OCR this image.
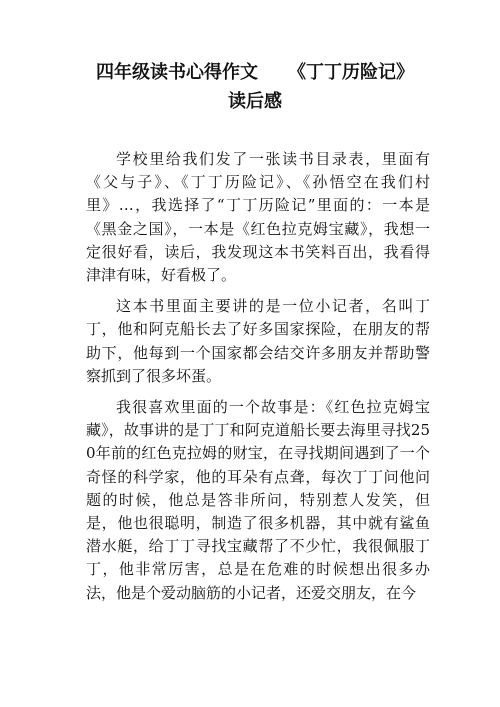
四年级读书心得作文 《丁丁历险记》
读后感

学校里给我们发了一张读书目录表，里面有《父与子》、《丁丁历险记》、《孙悟空在我们村里》…，我选择了“丁丁历险记”里面的：一本是《黑金之国》，一本是《红色拉克姆宝藏》，我想一定很好看，读后，我发现这本书笑料百出，我看得津津有味，好看极了。

这本书里面主要讲的是一位小记者，名叫丁丁，他和阿克船长去了好多国家探险，在朋友的帮助下，他每到一个国家都会结交许多朋友并帮助警察抓到了很多坏蛋。

我很喜欢里面的一个故事是：《红色拉克姆宝藏》，故事讲的是丁丁和阿克道船长要去海里寻找250年前的红色克拉姆的财宝，在寻找期间遇到了一个奇怪的科学家，他的耳朵有点聋，每次丁丁问他问题的时候，他总是答非所问，特别惹人发笑，但是，他也很聪明，制造了很多机器，其中就有鲨鱼潜水艇，给丁丁寻找宝藏帮了不少忙，我很佩服丁丁，他非常厉害，总是在危难的时候想出很多办法，他是个爱动脑筋的小记者，还爱交朋友，在今
